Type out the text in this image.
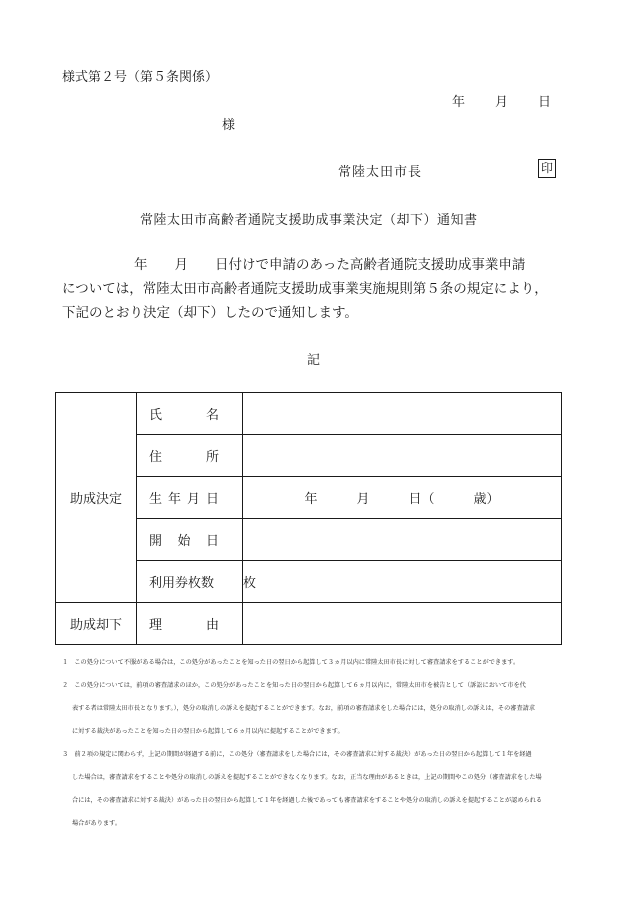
様式第２号（第５条関係）
年 月 日
様
常陸太田市長	印
常陸太田市高齢者通院支援助成事業決定（却下）通知書
年　　月　　日付けで申請のあった高齢者通院支援助成事業申請
については，常陸太田市高齢者通院支援助成事業実施規則第５条の規定により，
下記のとおり決定（却下）したので通知します。
記
助成決定	氏 名	

	住 所	

	生 年 月 日	年　　　月　　　日（　　　歳）

	開 始 日	

	利用券枚数	枚
助成却下	理 由	

１　この処分について不服がある場合は，この処分があったことを知った日の翌日から起算して３ヵ月以内に常陸太田市長に対して審査請求をすることができます。

２　この処分については，前項の審査請求のほか，この処分があったことを知った日の翌日から起算して６ヵ月以内に，常陸太田市を被告として（訴訟において市を代

表する者は常陸太田市長となります。），処分の取消しの訴えを提起することができます。なお，前項の審査請求をした場合には，処分の取消しの訴えは，その審査請求

に対する裁決があったことを知った日の翌日から起算して６ヵ月以内に提起することができます。

３　前２項の規定に関わらず，上記の期間が経過する前に，この処分（審査請求をした場合には，その審査請求に対する裁決）があった日の翌日から起算して１年を経過

した場合は，審査請求をすることや処分の取消しの訴えを提起することができなくなります。なお，正当な理由があるときは，上記の期間やこの処分（審査請求をした場

合には，その審査請求に対する裁決）があった日の翌日から起算して１年を経過した後であっても審査請求をすることや処分の取消しの訴えを提起することが認められる

場合があります。
